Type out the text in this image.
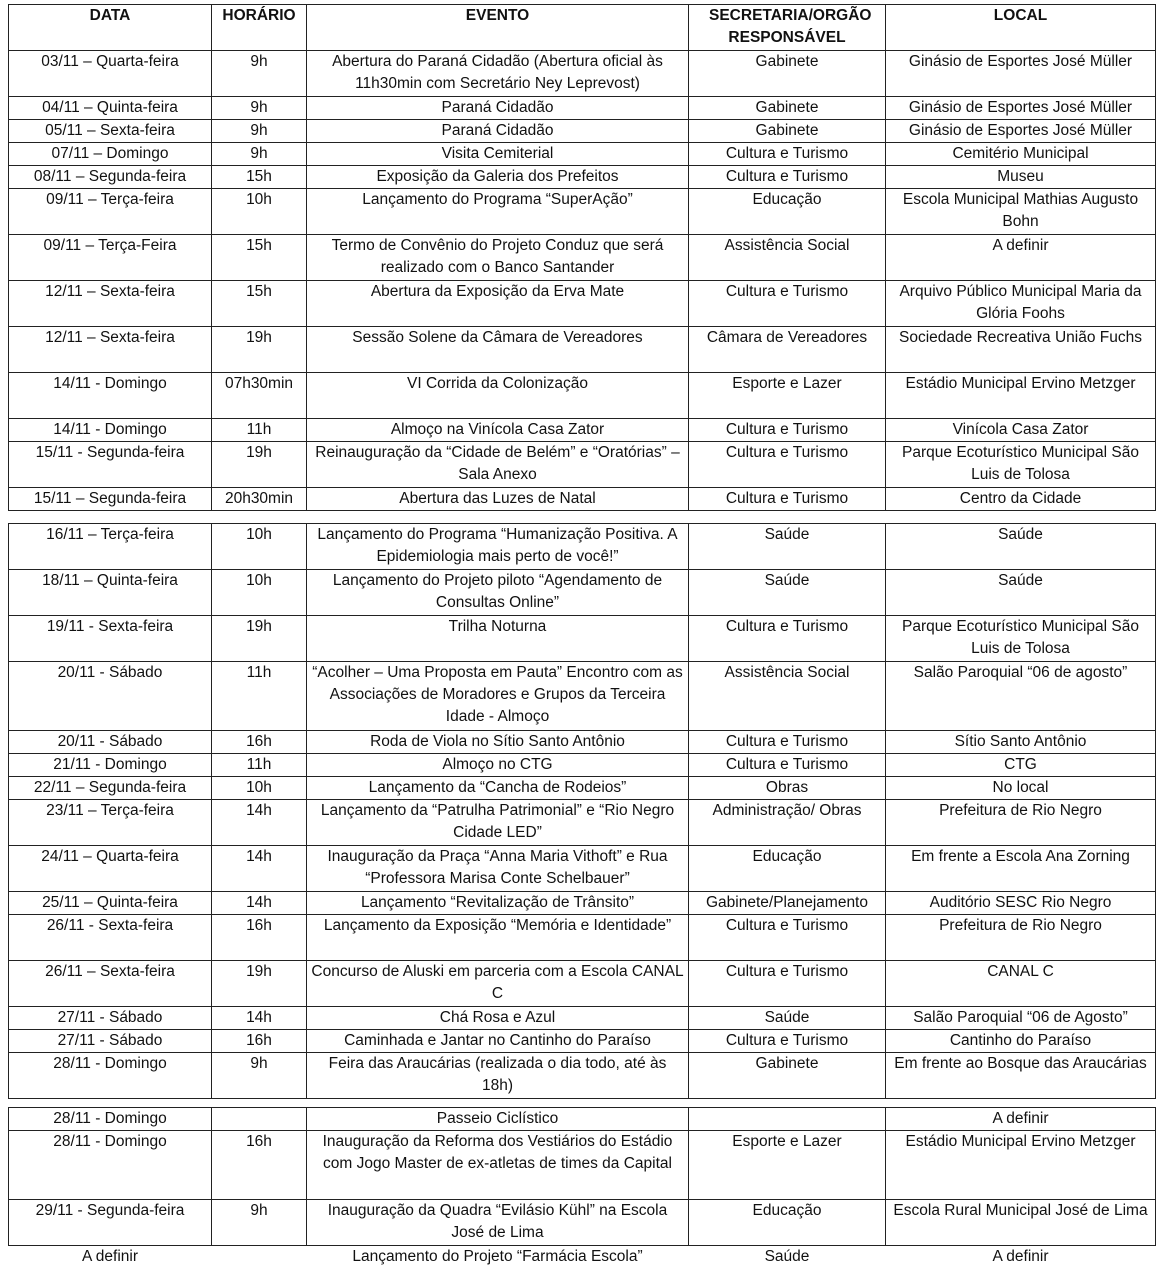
DATA	HORÁRIO	EVENTO	SECRETARIA/ORGÃO RESPONSÁVEL	LOCAL
03/11 – Quarta-feira	9h	Abertura do Paraná Cidadão (Abertura oficial às 11h30min com Secretário Ney Leprevost)	Gabinete	Ginásio de Esportes José Müller
04/11 – Quinta-feira	9h	Paraná Cidadão	Gabinete	Ginásio de Esportes José Müller
05/11 – Sexta-feira	9h	Paraná Cidadão	Gabinete	Ginásio de Esportes José Müller
07/11 – Domingo	9h	Visita Cemiterial	Cultura e Turismo	Cemitério Municipal
08/11 – Segunda-feira	15h	Exposição da Galeria dos Prefeitos	Cultura e Turismo	Museu
09/11 – Terça-feira	10h	Lançamento do Programa “SuperAção”	Educação	Escola Municipal Mathias Augusto Bohn
09/11 – Terça-Feira	15h	Termo de Convênio do Projeto Conduz que será realizado com o Banco Santander	Assistência Social	A definir
12/11 – Sexta-feira	15h	Abertura da Exposição da Erva Mate	Cultura e Turismo	Arquivo Público Municipal Maria da Glória Foohs
12/11 – Sexta-feira	19h	Sessão Solene da Câmara de Vereadores	Câmara de Vereadores	Sociedade Recreativa União Fuchs
14/11 - Domingo	07h30min	VI Corrida da Colonização	Esporte e Lazer	Estádio Municipal Ervino Metzger
14/11 - Domingo	11h	Almoço na Vinícola Casa Zator	Cultura e Turismo	Vinícola Casa Zator
15/11 - Segunda-feira	19h	Reinauguração da “Cidade de Belém” e “Oratórias” – Sala Anexo	Cultura e Turismo	Parque Ecoturístico Municipal São Luis de Tolosa
15/11 – Segunda-feira	20h30min	Abertura das Luzes de Natal	Cultura e Turismo	Centro da Cidade
16/11 – Terça-feira	10h	Lançamento do Programa “Humanização Positiva. A Epidemiologia mais perto de você!”	Saúde	Saúde
18/11 – Quinta-feira	10h	Lançamento do Projeto piloto “Agendamento de Consultas Online”	Saúde	Saúde
19/11 - Sexta-feira	19h	Trilha Noturna	Cultura e Turismo	Parque Ecoturístico Municipal São Luis de Tolosa
20/11 - Sábado	11h	“Acolher – Uma Proposta em Pauta” Encontro com as Associações de Moradores e Grupos da Terceira Idade - Almoço	Assistência Social	Salão Paroquial “06 de agosto”
20/11 - Sábado	16h	Roda de Viola no Sítio Santo Antônio	Cultura e Turismo	Sítio Santo Antônio
21/11 - Domingo	11h	Almoço no CTG	Cultura e Turismo	CTG
22/11 – Segunda-feira	10h	Lançamento da “Cancha de Rodeios”	Obras	No local
23/11 – Terça-feira	14h	Lançamento da “Patrulha Patrimonial” e “Rio Negro Cidade LED”	Administração/ Obras	Prefeitura de Rio Negro
24/11 – Quarta-feira	14h	Inauguração da Praça “Anna Maria Vithoft” e Rua “Professora Marisa Conte Schelbauer”	Educação	Em frente a Escola Ana Zorning
25/11 – Quinta-feira	14h	Lançamento “Revitalização de Trânsito”	Gabinete/Planejamento	Auditório SESC Rio Negro
26/11 - Sexta-feira	16h	Lançamento da Exposição “Memória e Identidade”	Cultura e Turismo	Prefeitura de Rio Negro
26/11 – Sexta-feira	19h	Concurso de Aluski em parceria com a Escola CANAL C	Cultura e Turismo	CANAL C
27/11 - Sábado	14h	Chá Rosa e Azul	Saúde	Salão Paroquial “06 de Agosto”
27/11 - Sábado	16h	Caminhada e Jantar no Cantinho do Paraíso	Cultura e Turismo	Cantinho do Paraíso
28/11 - Domingo	9h	Feira das Araucárias (realizada o dia todo, até às 18h)	Gabinete	Em frente ao Bosque das Araucárias
28/11 - Domingo		Passeio Ciclístico		A definir
28/11 - Domingo	16h	Inauguração da Reforma dos Vestiários do Estádio com Jogo Master de ex-atletas de times da Capital	Esporte e Lazer	Estádio Municipal Ervino Metzger
29/11 - Segunda-feira	9h	Inauguração da Quadra “Evilásio Kühl” na Escola José de Lima	Educação	Escola Rural Municipal José de Lima
A definir		Lançamento do Projeto “Farmácia Escola”	Saúde	A definir
